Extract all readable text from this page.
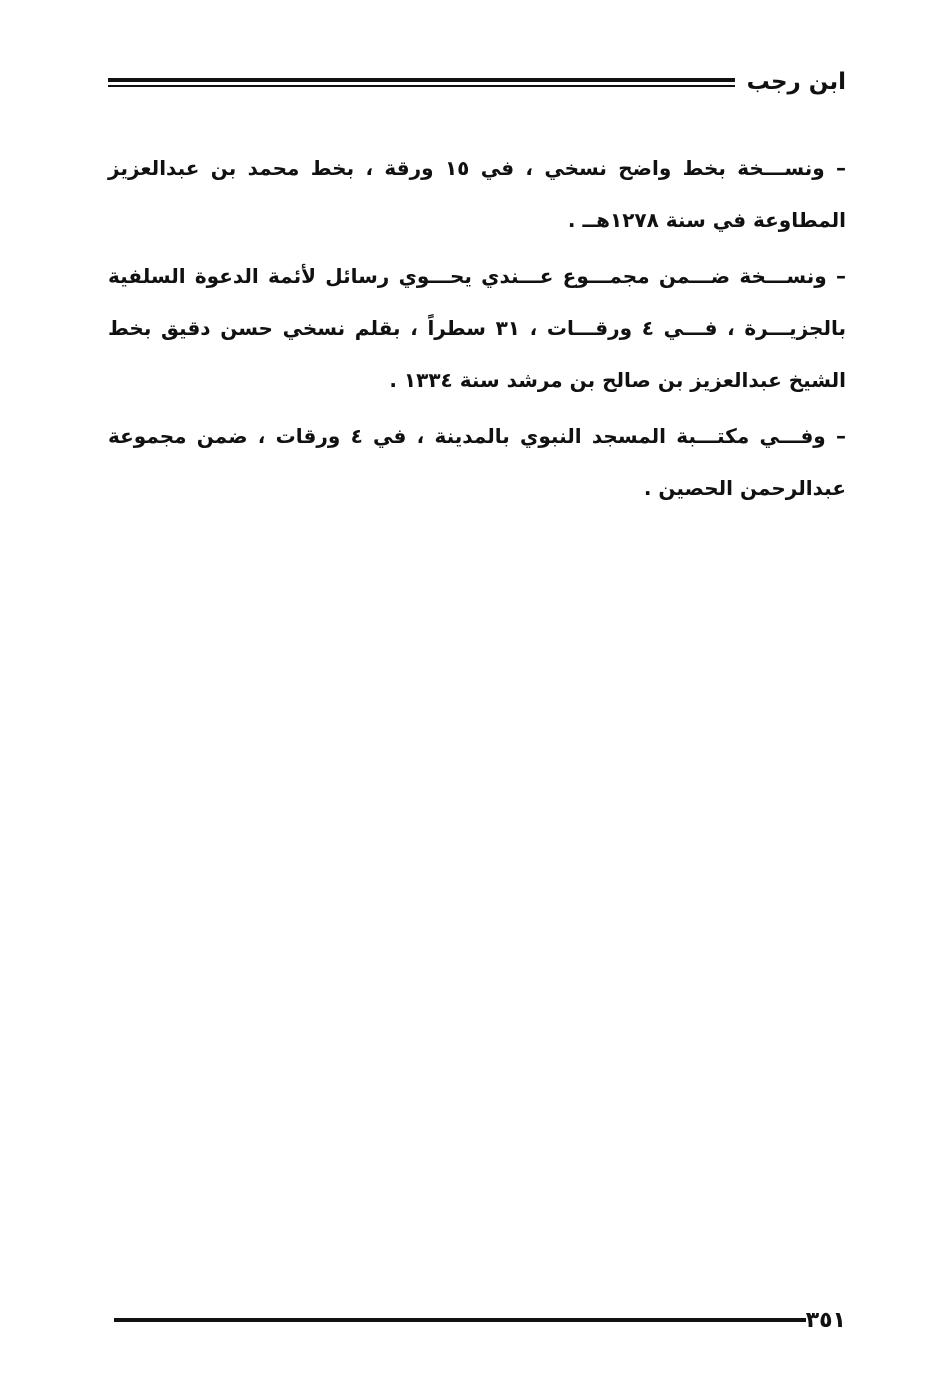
ابن رجب

– ونســـخة بخط واضح نسخي ، في ١٥ ورقة ، بخط محمد بن عبدالعزيز المطاوعة في سنة ١٢٧٨هــ .

– ونســـخة ضـــمن مجمـــوع عـــندي يحـــوي رسائل لأئمة الدعوة السلفية بالجزيـــرة ، فـــي ٤ ورقـــات ، ٣١ سطراً ، بقلم نسخي حسن دقيق بخط الشيخ عبدالعزيز بن صالح بن مرشد سنة ١٣٣٤ .

– وفـــي مكتـــبة المسجد النبوي بالمدينة ، في ٤ ورقات ، ضمن مجموعة عبدالرحمن الحصين .

٣٥١
